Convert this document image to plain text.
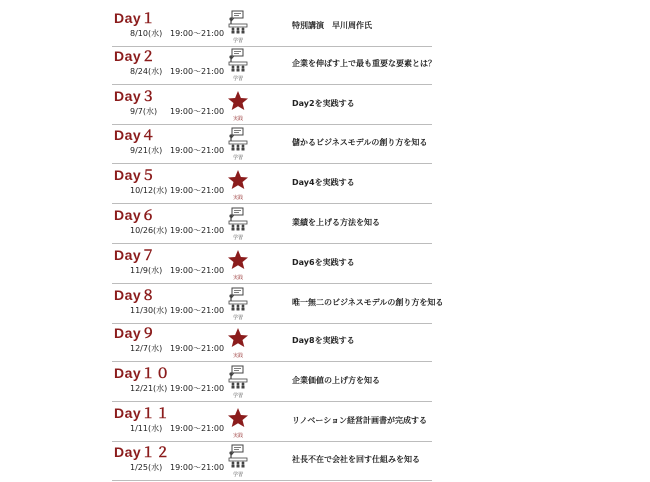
Day１
8/10(水) 19:00～21:00
学習
特別講演　早川周作氏
Day２
8/24(水) 19:00～21:00
学習
企業を伸ばす上で最も重要な要素とは？
Day３
9/7(水) 19:00～21:00
実践
Day2を実践する
Day４
9/21(水) 19:00～21:00
学習
儲かるビジネスモデルの創り方を知る
Day５
10/12(水) 19:00～21:00
実践
Day4を実践する
Day６
10/26(水) 19:00～21:00
学習
業績を上げる方法を知る
Day７
11/9(水) 19:00～21:00
実践
Day6を実践する
Day８
11/30(水) 19:00～21:00
学習
唯一無二のビジネスモデルの創り方を知る
Day９
12/7(水) 19:00～21:00
実践
Day8を実践する
Day１０
12/21(水) 19:00～21:00
学習
企業価値の上げ方を知る
Day１１
1/11(水) 19:00～21:00
実践
リノベーション経営計画書が完成する
Day１２
1/25(水) 19:00～21:00
学習
社長不在で会社を回す仕組みを知る
